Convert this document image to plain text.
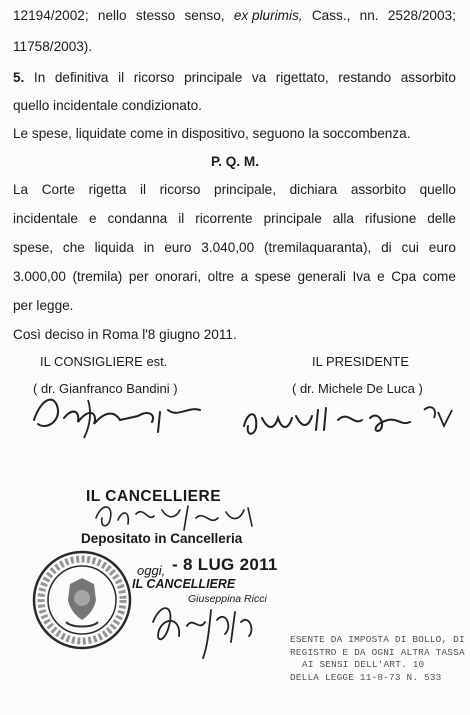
12194/2002; nello stesso senso, ex plurimis, Cass., nn. 2528/2003;
11758/2003).
5. In definitiva il ricorso principale va rigettato, restando assorbito
quello incidentale condizionato.
Le spese, liquidate come in dispositivo, seguono la soccombenza.
P. Q. M.
La Corte rigetta il ricorso principale, dichiara assorbito quello
incidentale e condanna il ricorrente principale alla rifusione delle
spese, che liquida in euro 3.040,00 (tremilaquaranta), di cui euro
3.000,00 (tremila) per onorari, oltre a spese generali Iva e Cpa come
per legge.
Così deciso in Roma l'8 giugno 2011.
IL CONSIGLIERE est.
( dr. Gianfranco Bandini )
IL PRESIDENTE
( dr. Michele De Luca )
IL CANCELLIERE
Depositato in Cancelleria
oggi, - 8 LUG 2011
IL CANCELLIERE
Giuseppina Ricci
ESENTE DA IMPOSTA DI BOLLO, DI
REGISTRO E DA OGNI ALTRA TASSA
AI SENSI DELL'ART. 10
DELLA LEGGE 11-8-73 N. 533
